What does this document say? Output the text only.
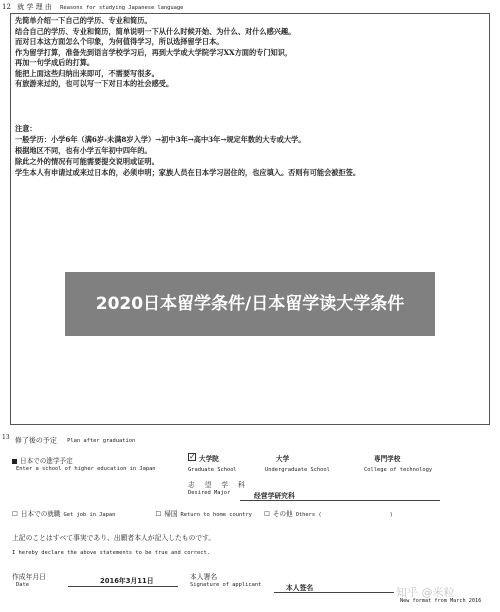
12 就 学 理 由 Reasons for studying Japanese language
先简单介绍一下自己的学历、专业和简历。
结合自己的学历、专业和简历，简单说明一下从什么时候开始、为什么、对什么感兴趣。
而对日本这方面怎么个印象，为何值得学习，所以选择留学日本。
作为留学打算，准备先到语言学校学习后，再到大学或大学院学习XX方面的专门知识，
再加一句学成后的打算。
能把上面这些归纳出来即可，不需要写很多。
有旅游来过的，也可以写一下对日本的社会感受。
注意：
一般学历：小学6年（满6岁-未满8岁入学）→初中3年→高中3年→规定年数的大专或大学。
根据地区不同，也有小学五年初中四年的。
除此之外的情况有可能需要提交说明或证明。
学生本人有申请过或来过日本的，必须申明；家族人员在日本学习居住的，也应填入。否则有可能会被拒签。
2020日本留学条件/日本留学读大学条件
13 修了後の予定 Plan after graduation
日本での進学予定
Enter a school of higher education in Japan
✓ 大学院
Graduate School
大学
Undergraduate School
専門学校
College of technology
志 望 学 科
Desired Major	经营学研究科
☐ 日本での就職 Get job in Japan	☐ 帰国 Return to home country ☐ その他 Others (	)
上記のことはすべて事実であり、出願者本人が記入したものです。
I hereby declare the above statements to be true and correct.
作成年月日
Date	2016年3月11日	本人署名
Signature of applicant	本人签名	知乎 @米粒
New format from March 2016
